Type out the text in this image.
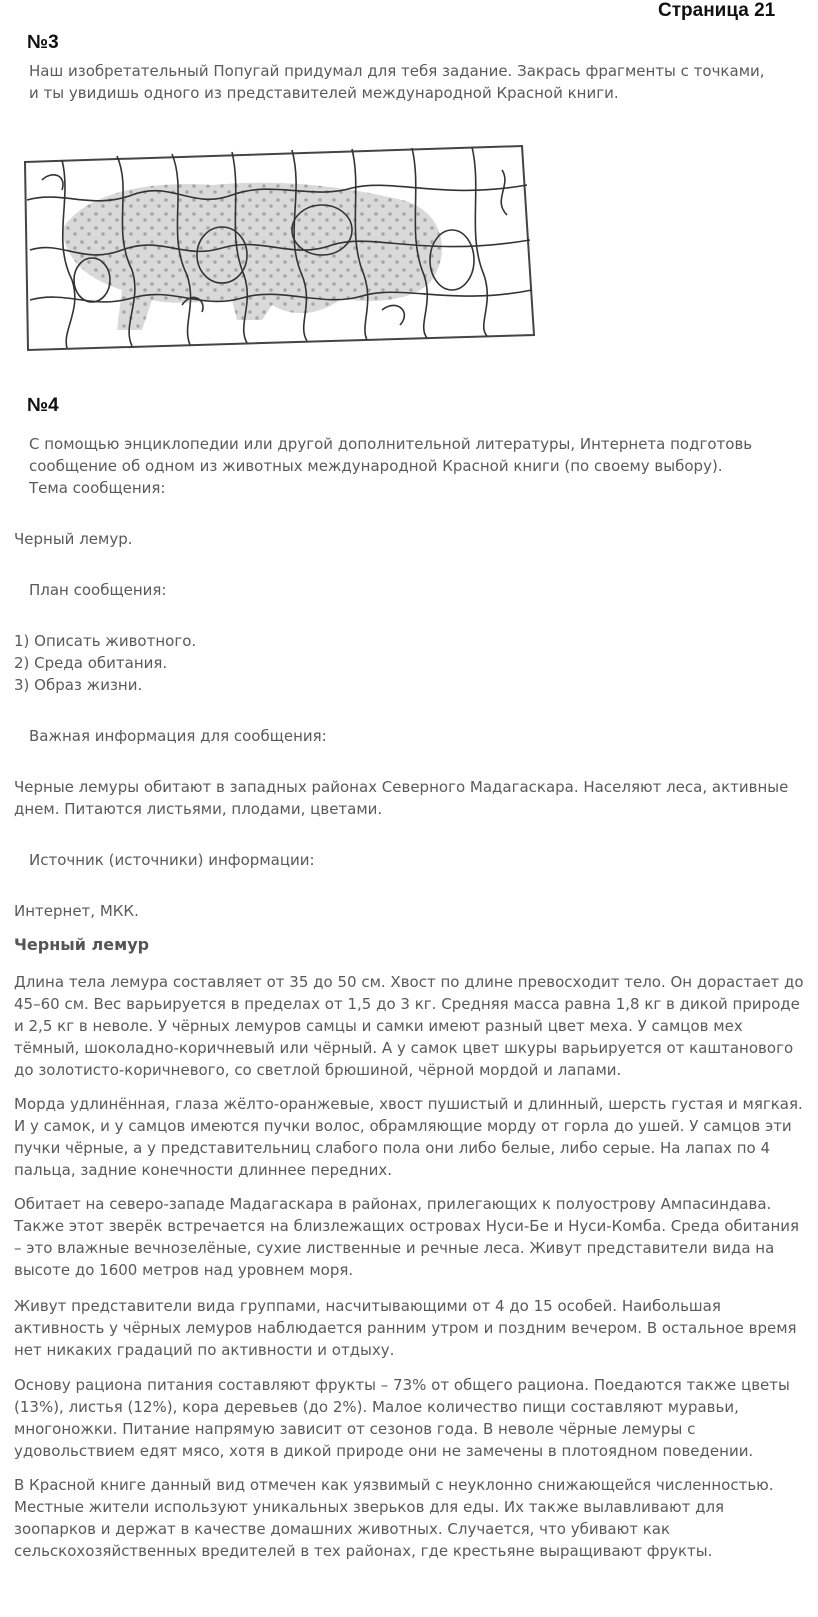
Страница 21
№3
Наш изобретательный Попугай придумал для тебя задание. Закрась фрагменты с точками, и ты увидишь одного из представителей международной Красной книги.
№4
С помощью энциклопедии или другой дополнительной литературы, Интернета подготовь
сообщение об одном из животных международной Красной книги (по своему выбору).
Тема сообщения:
Черный лемур.
План сообщения:
1) Описать животного.
2) Среда обитания.
3) Образ жизни.
Важная информация для сообщения:
Черные лемуры обитают в западных районах Северного Мадагаскара. Населяют леса, активные днем. Питаются листьями, плодами, цветами.
Источник (источники) информации:
Интернет, МКК.
Черный лемур

Длина тела лемура составляет от 35 до 50 см. Хвост по длине превосходит тело. Он дорастает до 45–60 см. Вес варьируется в пределах от 1,5 до 3 кг. Средняя масса равна 1,8 кг в дикой природе и 2,5 кг в неволе. У чёрных лемуров самцы и самки имеют разный цвет меха. У самцов мех тёмный, шоколадно-коричневый или чёрный. А у самок цвет шкуры варьируется от каштанового до золотисто-коричневого, со светлой брюшиной, чёрной мордой и лапами.

Морда удлинённая, глаза жёлто-оранжевые, хвост пушистый и длинный, шерсть густая и мягкая. И у самок, и у самцов имеются пучки волос, обрамляющие морду от горла до ушей. У самцов эти пучки чёрные, а у представительниц слабого пола они либо белые, либо серые. На лапах по 4 пальца, задние конечности длиннее передних.

Обитает на северо-западе Мадагаскара в районах, прилегающих к полуострову Ампасиндава. Также этот зверёк встречается на близлежащих островах Нуси-Бе и Нуси-Комба. Среда обитания – это влажные вечнозелёные, сухие лиственные и речные леса. Живут представители вида на высоте до 1600 метров над уровнем моря.

Живут представители вида группами, насчитывающими от 4 до 15 особей. Наибольшая активность у чёрных лемуров наблюдается ранним утром и поздним вечером. В остальное время нет никаких градаций по активности и отдыху.

Основу рациона питания составляют фрукты – 73% от общего рациона. Поедаются также цветы (13%), листья (12%), кора деревьев (до 2%). Малое количество пищи составляют муравьи, многоножки. Питание напрямую зависит от сезонов года. В неволе чёрные лемуры с удовольствием едят мясо, хотя в дикой природе они не замечены в плотоядном поведении.

В Красной книге данный вид отмечен как уязвимый с неуклонно снижающейся численностью. Местные жители используют уникальных зверьков для еды. Их также вылавливают для зоопарков и держат в качестве домашних животных. Случается, что убивают как сельскохозяйственных вредителей в тех районах, где крестьяне выращивают фрукты.
